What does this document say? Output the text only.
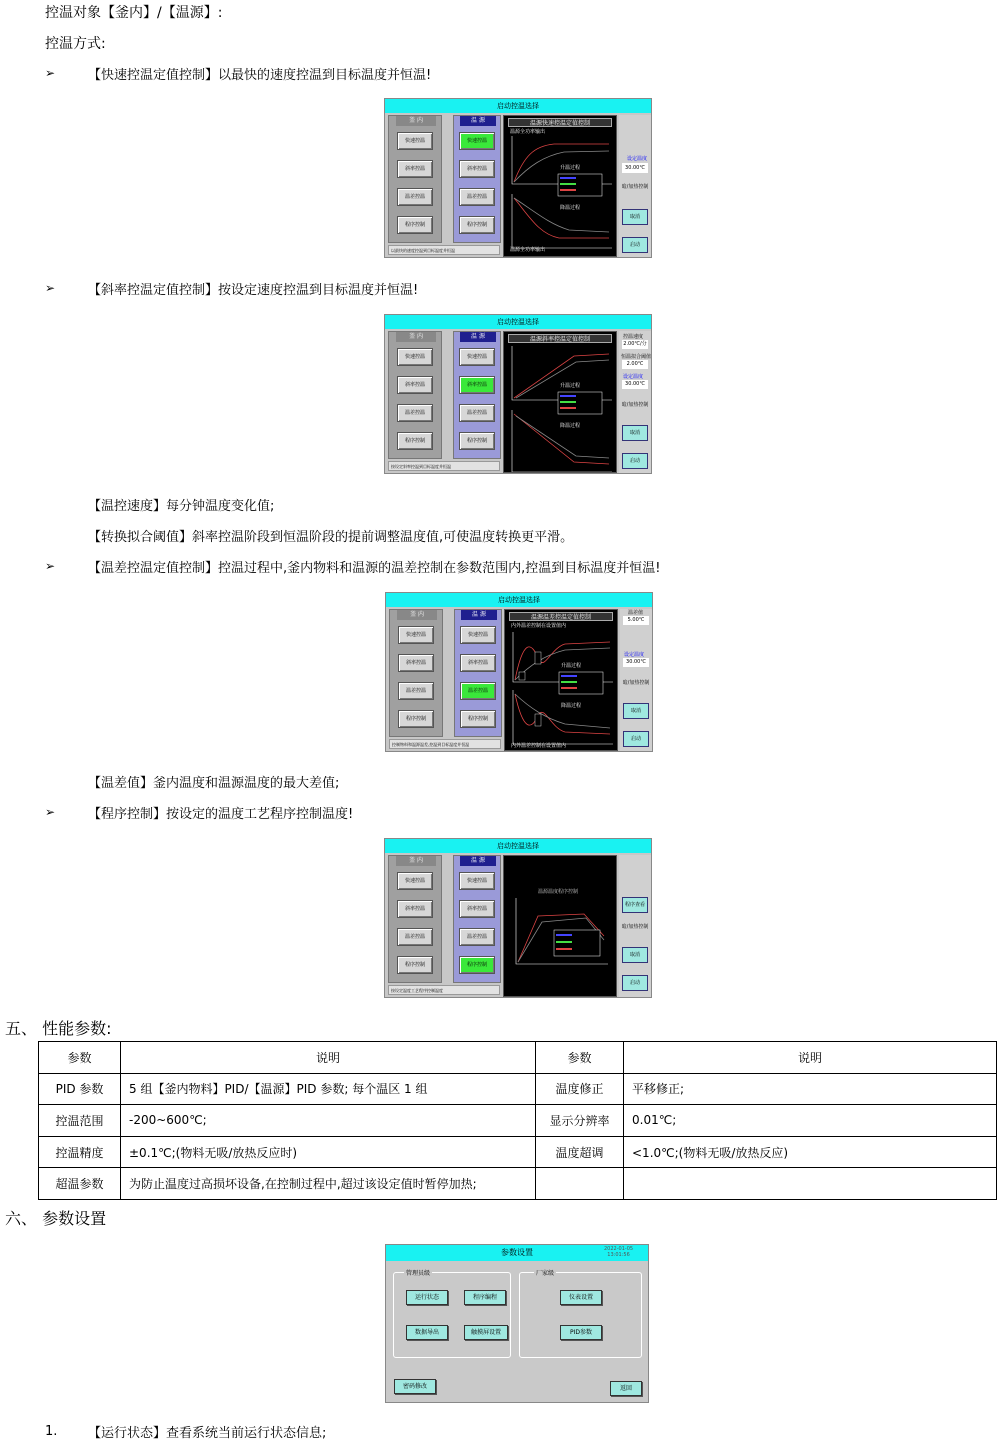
控温对象【釜内】/【温源】:
控温方式:
➢	【快速控温定值控制】以最快的速度控温到目标温度并恒温!
启动控温选择
釜 内
快速控温
斜率控温
温差控温
程序控制
温 源
快速控温
斜率控温
温差控温
程序控制
温源快速控温定值控制
温源全功率输出
升温过程
降温过程
温源全功率输出
设定温度
30.00℃
暗/加热控制
取消
启动
以最快的速度控温到目标温度并恒温
➢	【斜率控温定值控制】按设定速度控温到目标温度并恒温!
启动控温选择
釜 内
快速控温
斜率控温
温差控温
程序控制
温 源
快速控温
斜率控温
温差控温
程序控制
温源斜率控温定值控制
升温过程
降温过程
控温速度
2.00℃/分
恒温拟合阈值
2.00℃
设定温度
30.00℃
暗/加热控制
取消
启动
按设定斜率控温到目标温度并恒温
【温控速度】每分钟温度变化值;
【转换拟合阈值】斜率控温阶段到恒温阶段的提前调整温度值,可使温度转换更平滑。
➢	【温差控温定值控制】控温过程中,釜内物料和温源的温差控制在参数范围内,控温到目标温度并恒温!
启动控温选择
釜 内
快速控温
斜率控温
温差控温
程序控制
温 源
快速控温
斜率控温
温差控温
程序控制
温源温差控温定值控制
内外温差控制在设置值内
升温过程
降温过程
内外温差控制在设置值内
温差值
5.00℃
设定温度
30.00℃
暗/加热控制
取消
启动
控制物料和温源温差,控温到目标温度并恒温
【温差值】釜内温度和温源温度的最大差值;
➢	【程序控制】按设定的温度工艺程序控制温度!
启动控温选择
釜 内
快速控温
斜率控温
温差控温
程序控制
温 源
快速控温
斜率控温
温差控温
程序控制
温源温度程序控制
程序查看
暗/加热控制
取消
启动
按设定温度工艺程序控制温度
五、 性能参数:
参数	说明	参数	说明
PID 参数	5 组【釜内物料】PID/【温源】PID 参数; 每个温区 1 组	温度修正	平移修正;
控温范围	-200~600℃;	显示分辨率	0.01℃;
控温精度	±0.1℃;(物料无吸/放热反应时)	温度超调	<1.0℃;(物料无吸/放热反应)
超温参数	为防止温度过高损坏设备,在控制过程中,超过该设定值时暂停加热;		
六、 参数设置
参数设置	2022-01-05
13:01:56
管理员级
运行状态	程序编程
数据导出	触摸屏设置
厂家级
仪表设置
PID参数
密码修改	返回
1. 【运行状态】查看系统当前运行状态信息;
